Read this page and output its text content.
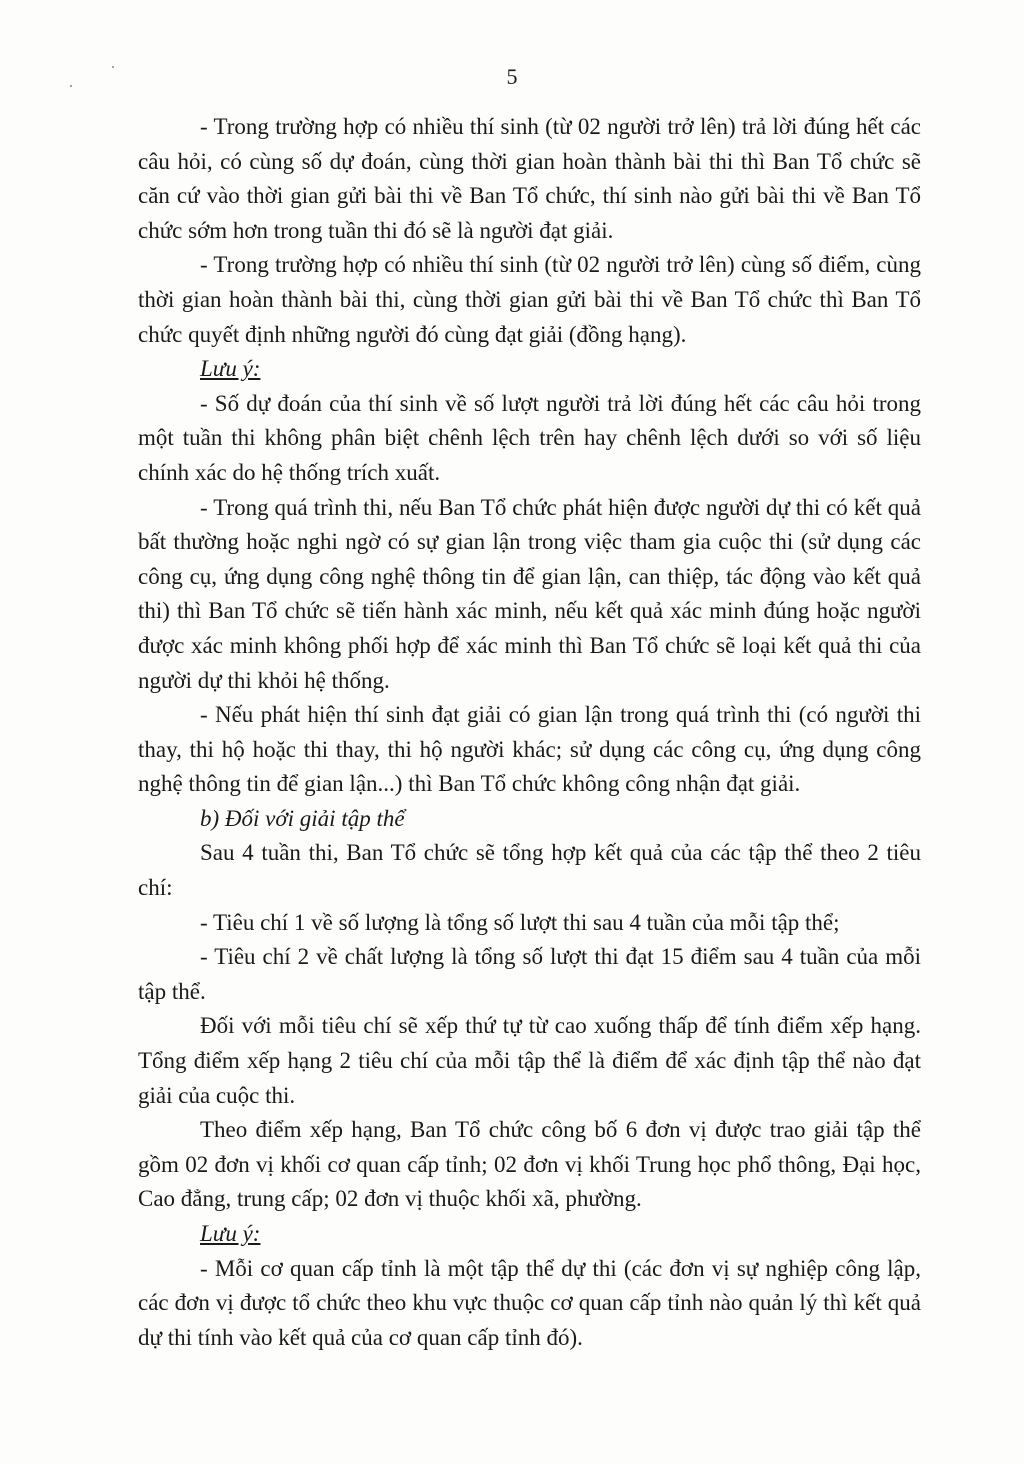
5

- Trong trường hợp có nhiều thí sinh (từ 02 người trở lên) trả lời đúng hết các câu hỏi, có cùng số dự đoán, cùng thời gian hoàn thành bài thi thì Ban Tổ chức sẽ căn cứ vào thời gian gửi bài thi về Ban Tổ chức, thí sinh nào gửi bài thi về Ban Tổ chức sớm hơn trong tuần thi đó sẽ là người đạt giải.

- Trong trường hợp có nhiều thí sinh (từ 02 người trở lên) cùng số điểm, cùng thời gian hoàn thành bài thi, cùng thời gian gửi bài thi về Ban Tổ chức thì Ban Tổ chức quyết định những người đó cùng đạt giải (đồng hạng).

Lưu ý:

- Số dự đoán của thí sinh về số lượt người trả lời đúng hết các câu hỏi trong một tuần thi không phân biệt chênh lệch trên hay chênh lệch dưới so với số liệu chính xác do hệ thống trích xuất.

- Trong quá trình thi, nếu Ban Tổ chức phát hiện được người dự thi có kết quả bất thường hoặc nghi ngờ có sự gian lận trong việc tham gia cuộc thi (sử dụng các công cụ, ứng dụng công nghệ thông tin để gian lận, can thiệp, tác động vào kết quả thi) thì Ban Tổ chức sẽ tiến hành xác minh, nếu kết quả xác minh đúng hoặc người được xác minh không phối hợp để xác minh thì Ban Tổ chức sẽ loại kết quả thi của người dự thi khỏi hệ thống.

- Nếu phát hiện thí sinh đạt giải có gian lận trong quá trình thi (có người thi thay, thi hộ hoặc thi thay, thi hộ người khác; sử dụng các công cụ, ứng dụng công nghệ thông tin để gian lận...) thì Ban Tổ chức không công nhận đạt giải.

b) Đối với giải tập thể

Sau 4 tuần thi, Ban Tổ chức sẽ tổng hợp kết quả của các tập thể theo 2 tiêu chí:

- Tiêu chí 1 về số lượng là tổng số lượt thi sau 4 tuần của mỗi tập thể;

- Tiêu chí 2 về chất lượng là tổng số lượt thi đạt 15 điểm sau 4 tuần của mỗi tập thể.

Đối với mỗi tiêu chí sẽ xếp thứ tự từ cao xuống thấp để tính điểm xếp hạng. Tổng điểm xếp hạng 2 tiêu chí của mỗi tập thể là điểm để xác định tập thể nào đạt giải của cuộc thi.

Theo điểm xếp hạng, Ban Tổ chức công bố 6 đơn vị được trao giải tập thể gồm 02 đơn vị khối cơ quan cấp tỉnh; 02 đơn vị khối Trung học phổ thông, Đại học, Cao đẳng, trung cấp; 02 đơn vị thuộc khối xã, phường.

Lưu ý:

- Mỗi cơ quan cấp tỉnh là một tập thể dự thi (các đơn vị sự nghiệp công lập, các đơn vị được tổ chức theo khu vực thuộc cơ quan cấp tỉnh nào quản lý thì kết quả dự thi tính vào kết quả của cơ quan cấp tỉnh đó).
